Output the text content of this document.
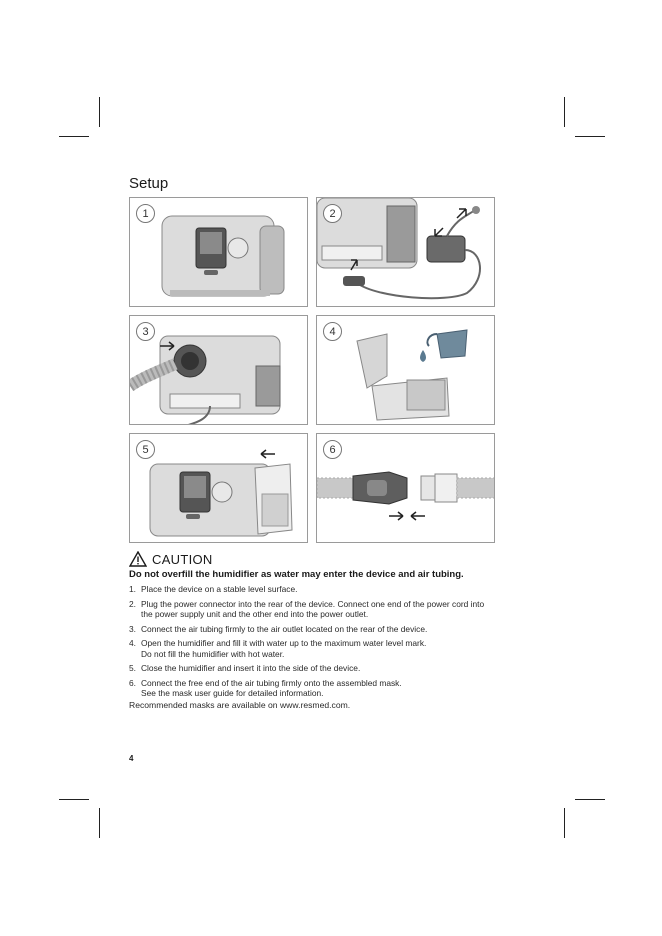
Setup
1	2
3	4
5	6
CAUTION
Do not overfill the humidifier as water may enter the device and air tubing.
1. Place the device on a stable level surface.
2. Plug the power connector into the rear of the device. Connect one end of the power cord into
the power supply unit and the other end into the power outlet.
3. Connect the air tubing firmly to the air outlet located on the rear of the device.
4. Open the humidifier and fill it with water up to the maximum water level mark.
Do not fill the humidifier with hot water.
5. Close the humidifier and insert it into the side of the device.
6. Connect the free end of the air tubing firmly onto the assembled mask.
See the mask user guide for detailed information.
Recommended masks are available on www.resmed.com.
4
